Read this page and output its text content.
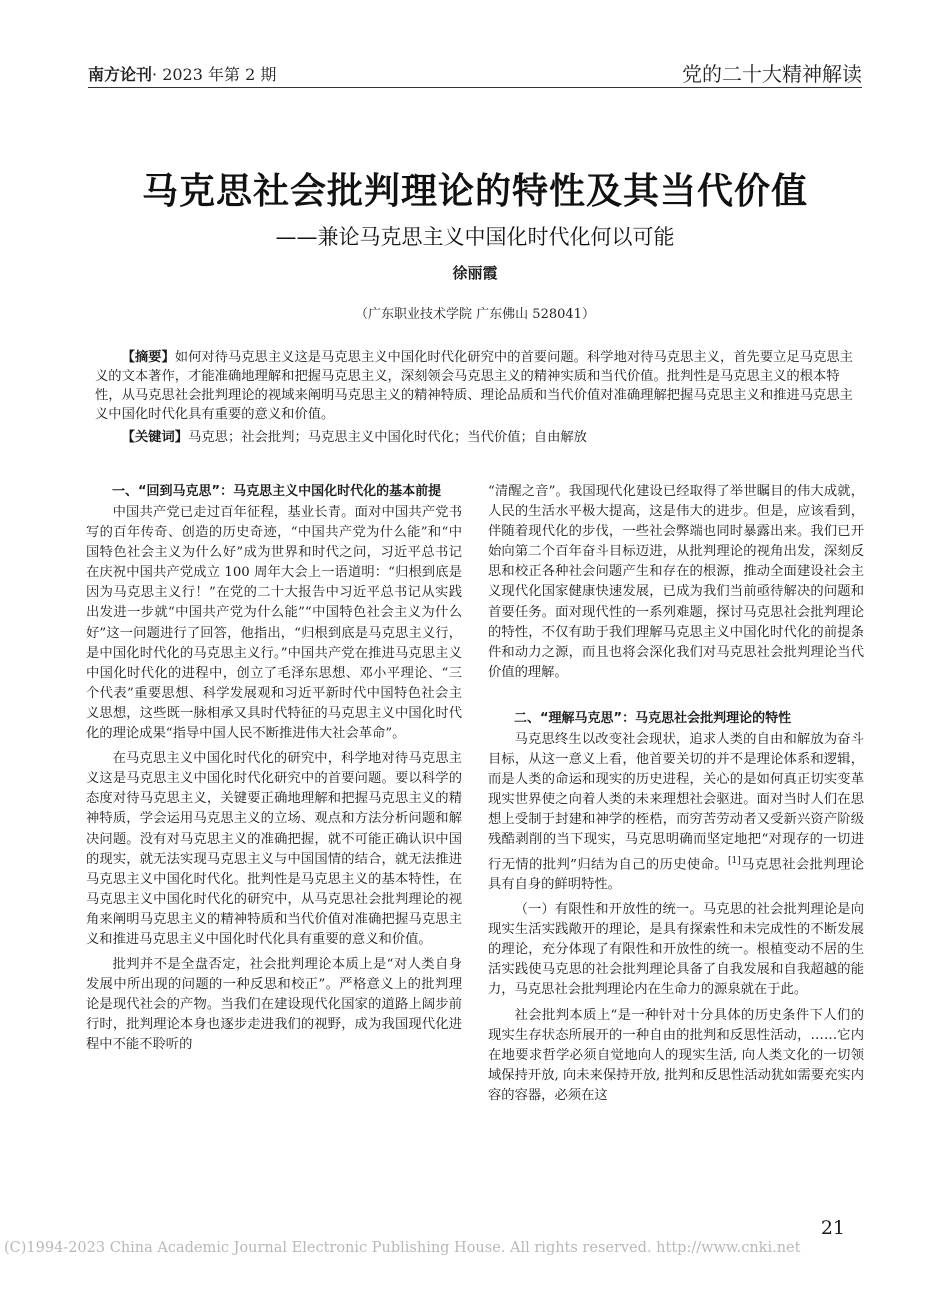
南方论刊· 2023 年第 2 期	党的二十大精神解读
马克思社会批判理论的特性及其当代价值
——兼论马克思主义中国化时代化何以可能
徐丽霞
（广东职业技术学院 广东佛山 528041）
【摘要】如何对待马克思主义这是马克思主义中国化时代化研究中的首要问题。科学地对待马克思主义，首先要立足马克思主义的文本著作，才能准确地理解和把握马克思主义，深刻领会马克思主义的精神实质和当代价值。批判性是马克思主义的根本特性，从马克思社会批判理论的视域来阐明马克思主义的精神特质、理论品质和当代价值对准确理解把握马克思主义和推进马克思主义中国化时代化具有重要的意义和价值。
【关键词】马克思；社会批判；马克思主义中国化时代化；当代价值；自由解放
一、“回到马克思”：马克思主义中国化时代化的基本前提

中国共产党已走过百年征程，基业长青。面对中国共产党书写的百年传奇、创造的历史奇迹，“中国共产党为什么能”和“中国特色社会主义为什么好”成为世界和时代之问，习近平总书记在庆祝中国共产党成立 100 周年大会上一语道明：“归根到底是因为马克思主义行！”在党的二十大报告中习近平总书记从实践出发进一步就“中国共产党为什么能”“中国特色社会主义为什么好”这一问题进行了回答，他指出，“归根到底是马克思主义行，是中国化时代化的马克思主义行。”中国共产党在推进马克思主义中国化时代化的进程中，创立了毛泽东思想、邓小平理论、“三个代表”重要思想、科学发展观和习近平新时代中国特色社会主义思想，这些既一脉相承又具时代特征的马克思主义中国化时代化的理论成果“指导中国人民不断推进伟大社会革命”。

在马克思主义中国化时代化的研究中，科学地对待马克思主义这是马克思主义中国化时代化研究中的首要问题。要以科学的态度对待马克思主义，关键要正确地理解和把握马克思主义的精神特质，学会运用马克思主义的立场、观点和方法分析问题和解决问题。没有对马克思主义的准确把握，就不可能正确认识中国的现实，就无法实现马克思主义与中国国情的结合，就无法推进马克思主义中国化时代化。批判性是马克思主义的基本特性，在马克思主义中国化时代化的研究中，从马克思社会批判理论的视角来阐明马克思主义的精神特质和当代价值对准确把握马克思主义和推进马克思主义中国化时代化具有重要的意义和价值。

批判并不是全盘否定，社会批判理论本质上是“对人类自身发展中所出现的问题的一种反思和校正”。严格意义上的批判理论是现代社会的产物。当我们在建设现代化国家的道路上阔步前行时，批判理论本身也逐步走进我们的视野，成为我国现代化进程中不能不聆听的

“清醒之音”。我国现代化建设已经取得了举世瞩目的伟大成就，人民的生活水平极大提高，这是伟大的进步。但是，应该看到，伴随着现代化的步伐，一些社会弊端也同时暴露出来。我们已开始向第二个百年奋斗目标迈进，从批判理论的视角出发，深刻反思和校正各种社会问题产生和存在的根源，推动全面建设社会主义现代化国家健康快速发展，已成为我们当前亟待解决的问题和首要任务。面对现代性的一系列难题，探讨马克思社会批判理论的特性，不仅有助于我们理解马克思主义中国化时代化的前提条件和动力之源，而且也将会深化我们对马克思社会批判理论当代价值的理解。

二、“理解马克思”：马克思社会批判理论的特性

马克思终生以改变社会现状，追求人类的自由和解放为奋斗目标，从这一意义上看，他首要关切的并不是理论体系和逻辑，而是人类的命运和现实的历史进程，关心的是如何真正切实变革现实世界使之向着人类的未来理想社会驱进。面对当时人们在思想上受制于封建和神学的桎梏，而穷苦劳动者又受新兴资产阶级残酷剥削的当下现实，马克思明确而坚定地把“对现存的一切进行无情的批判”归结为自己的历史使命。[1]马克思社会批判理论具有自身的鲜明特性。

（一）有限性和开放性的统一。马克思的社会批判理论是向现实生活实践敞开的理论，是具有探索性和未完成性的不断发展的理论，充分体现了有限性和开放性的统一。根植变动不居的生活实践使马克思的社会批判理论具备了自我发展和自我超越的能力，马克思社会批判理论内在生命力的源泉就在于此。

社会批判本质上“是一种针对十分具体的历史条件下人们的现实生存状态所展开的一种自由的批判和反思性活动，……它内在地要求哲学必须自觉地向人的现实生活, 向人类文化的一切领域保持开放, 向未来保持开放, 批判和反思性活动犹如需要充实内容的容器，必须在这

21
(C)1994-2023 China Academic Journal Electronic Publishing House. All rights reserved. http://www.cnki.net
